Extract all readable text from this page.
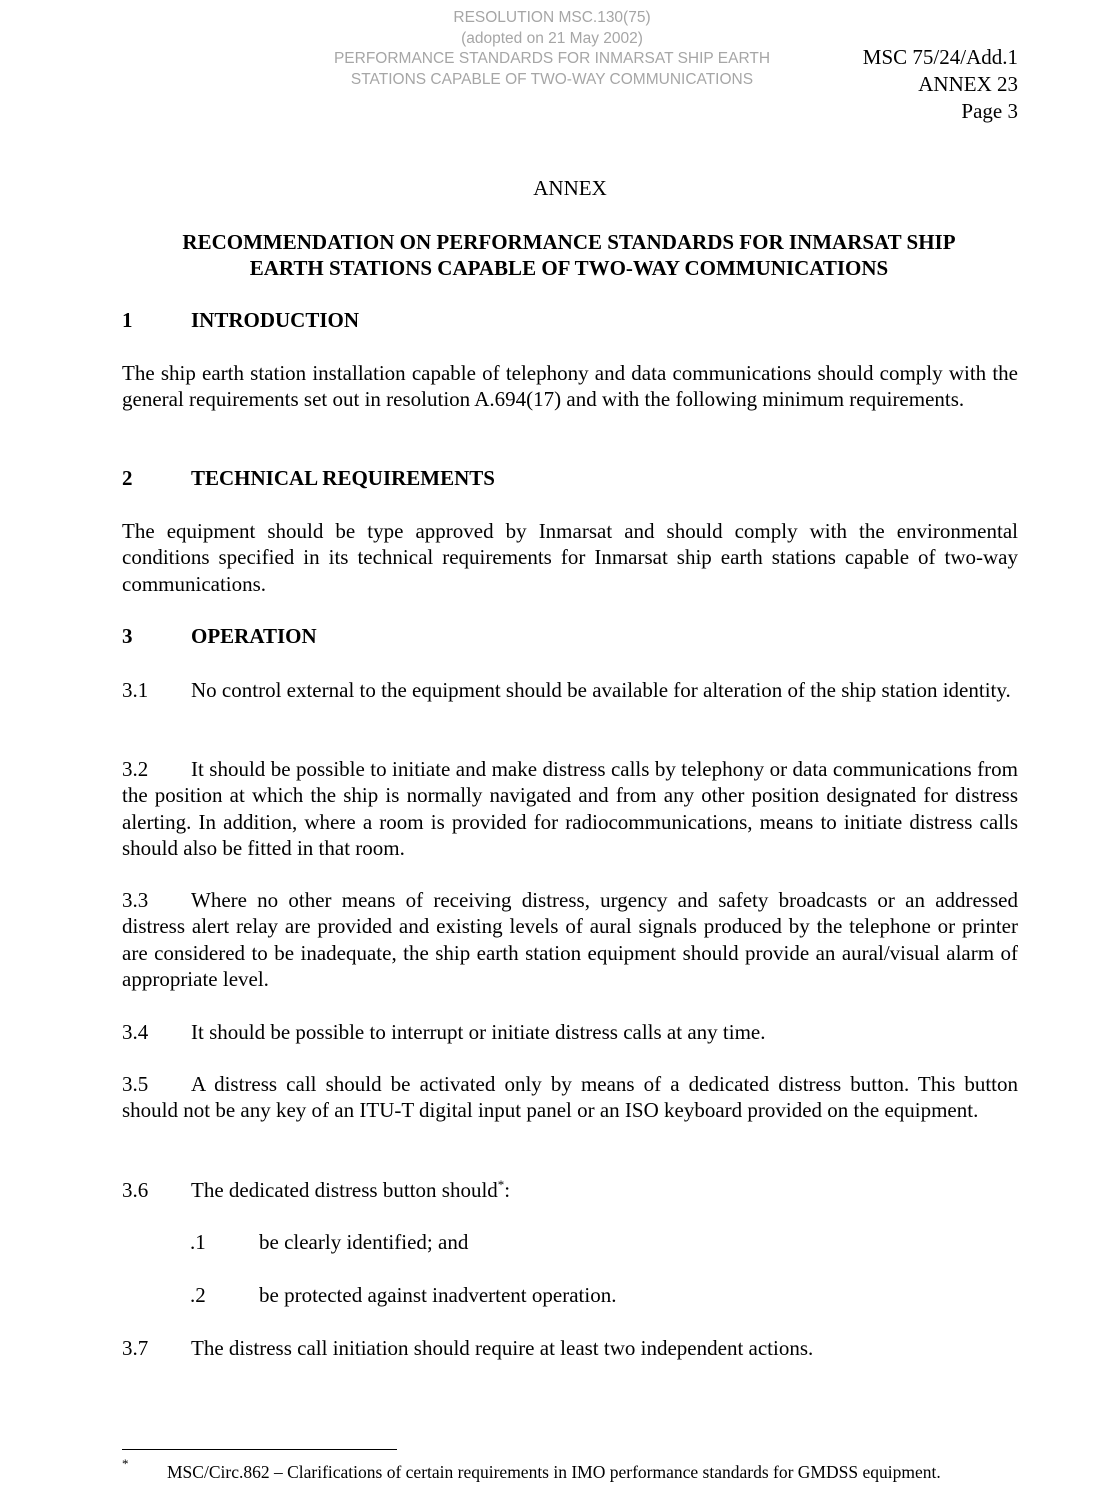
RESOLUTION MSC.130(75)
(adopted on 21 May 2002)
PERFORMANCE STANDARDS FOR INMARSAT SHIP EARTH
STATIONS CAPABLE OF TWO-WAY COMMUNICATIONS
MSC 75/24/Add.1
ANNEX 23
Page 3
ANNEX
RECOMMENDATION ON PERFORMANCE STANDARDS FOR INMARSAT SHIP
EARTH STATIONS CAPABLE OF TWO-WAY COMMUNICATIONS
1	INTRODUCTION
The ship earth station installation capable of telephony and data communications should comply with the general requirements set out in resolution A.694(17) and with the following minimum requirements.
2	TECHNICAL REQUIREMENTS
The equipment should be type approved by Inmarsat and should comply with the environmental conditions specified in its technical requirements for Inmarsat ship earth stations capable of two-way communications.
3	OPERATION
3.1 No control external to the equipment should be available for alteration of the ship station identity.
3.2 It should be possible to initiate and make distress calls by telephony or data communications from the position at which the ship is normally navigated and from any other position designated for distress alerting. In addition, where a room is provided for radiocommunications, means to initiate distress calls should also be fitted in that room.
3.3 Where no other means of receiving distress, urgency and safety broadcasts or an addressed distress alert relay are provided and existing levels of aural signals produced by the telephone or printer are considered to be inadequate, the ship earth station equipment should provide an aural/visual alarm of appropriate level.
3.4 It should be possible to interrupt or initiate distress calls at any time.
3.5 A distress call should be activated only by means of a dedicated distress button. This button should not be any key of an ITU-T digital input panel or an ISO keyboard provided on the equipment.
3.6 The dedicated distress button should*:
.1	be clearly identified; and
.2	be protected against inadvertent operation.
3.7 The distress call initiation should require at least two independent actions.
* MSC/Circ.862 – Clarifications of certain requirements in IMO performance standards for GMDSS equipment.
